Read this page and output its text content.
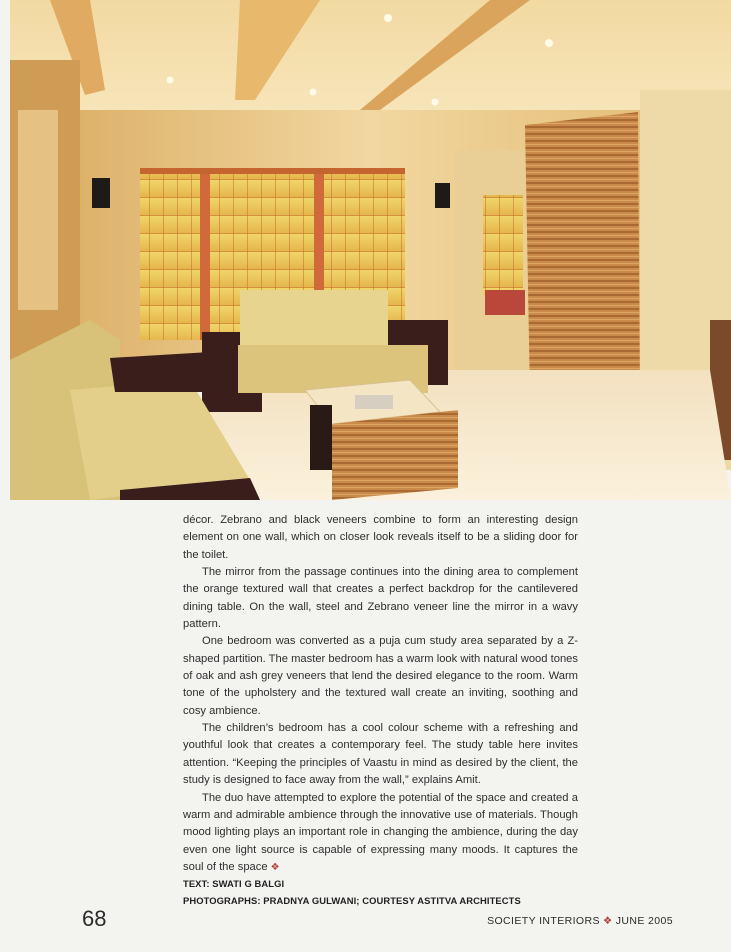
décor. Zebrano and black veneers combine to form an interesting design element on one wall, which on closer look reveals itself to be a sliding door for the toilet.

The mirror from the passage continues into the dining area to complement the orange textured wall that creates a perfect backdrop for the cantilevered dining table. On the wall, steel and Zebrano veneer line the mirror in a wavy pattern.

One bedroom was converted as a puja cum study area separated by a Z-shaped partition. The master bedroom has a warm look with natural wood tones of oak and ash grey veneers that lend the desired elegance to the room. Warm tone of the upholstery and the textured wall create an inviting, soothing and cosy ambience.

The children’s bedroom has a cool colour scheme with a refreshing and youthful look that creates a contemporary feel. The study table here invites attention. “Keeping the principles of Vaastu in mind as desired by the client, the study is designed to face away from the wall,” explains Amit.

The duo have attempted to explore the potential of the space and created a warm and admirable ambience through the innovative use of materials. Though mood lighting plays an important role in changing the ambience, during the day even one light source is capable of expressing many moods. It captures the soul of the space ❖

TEXT: SWATI G BALGI
PHOTOGRAPHS: PRADNYA GULWANI; COURTESY ASTITVA ARCHITECTS
68	SOCIETY INTERIORS ❖ JUNE 2005
